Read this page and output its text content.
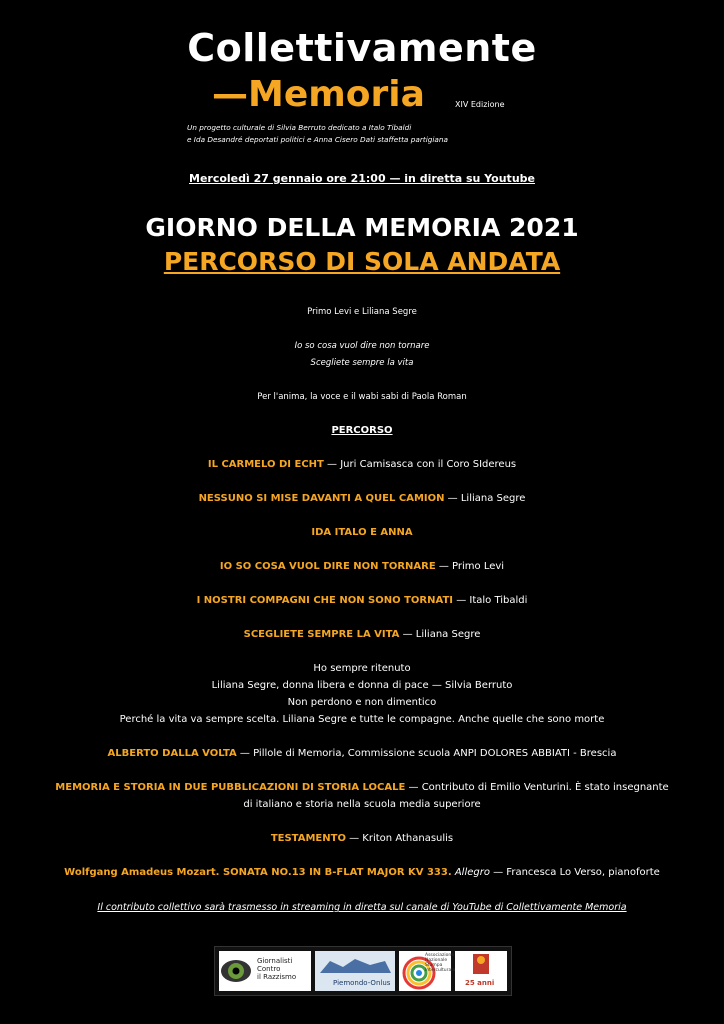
Collettivamente
—Memoria	XIV Edizione
Un progetto culturale di Silvia Berruto dedicato a Italo Tibaldi
e Ida Desandré deportati politici e Anna Cisero Dati staffetta partigiana
Mercoledì 27 gennaio ore 21:00 — in diretta su Youtube
GIORNO DELLA MEMORIA 2021
PERCORSO DI SOLA ANDATA
Primo Levi e Liliana Segre
Io so cosa vuol dire non tornare
Scegliete sempre la vita
Per l'anima, la voce e il wabi sabi di Paola Roman
PERCORSO
IL CARMELO DI ECHT — Juri Camisasca con il Coro SIdereus
NESSUNO SI MISE DAVANTI A QUEL CAMION — Liliana Segre
IDA ITALO E ANNA
IO SO COSA VUOL DIRE NON TORNARE — Primo Levi
I NOSTRI COMPAGNI CHE NON SONO TORNATI — Italo Tibaldi
SCEGLIETE SEMPRE LA VITA — Liliana Segre
Ho sempre ritenuto
Liliana Segre, donna libera e donna di pace — Silvia Berruto
Non perdono e non dimentico
Perché la vita va sempre scelta. Liliana Segre e tutte le compagne. Anche quelle che sono morte
ALBERTO DALLA VOLTA — Pillole di Memoria, Commissione scuola ANPI DOLORES ABBIATI - Brescia
MEMORIA E STORIA IN DUE PUBBLICAZIONI DI STORIA LOCALE — Contributo di Emilio Venturini. È stato insegnante
di italiano e storia nella scuola media superiore
TESTAMENTO — Kriton Athanasulis
Wolfgang Amadeus Mozart. SONATA NO.13 IN B-FLAT MAJOR KV 333. Allegro — Francesca Lo Verso, pianoforte
Il contributo collettivo sarà trasmesso in streaming in diretta sul canale di YouTube di Collettivamente Memoria
Giornalisti
Contro
il Razzismo
Piemondo-Onlus
Associazione
Nazionale
Stampa
Interculturale
25 anni
